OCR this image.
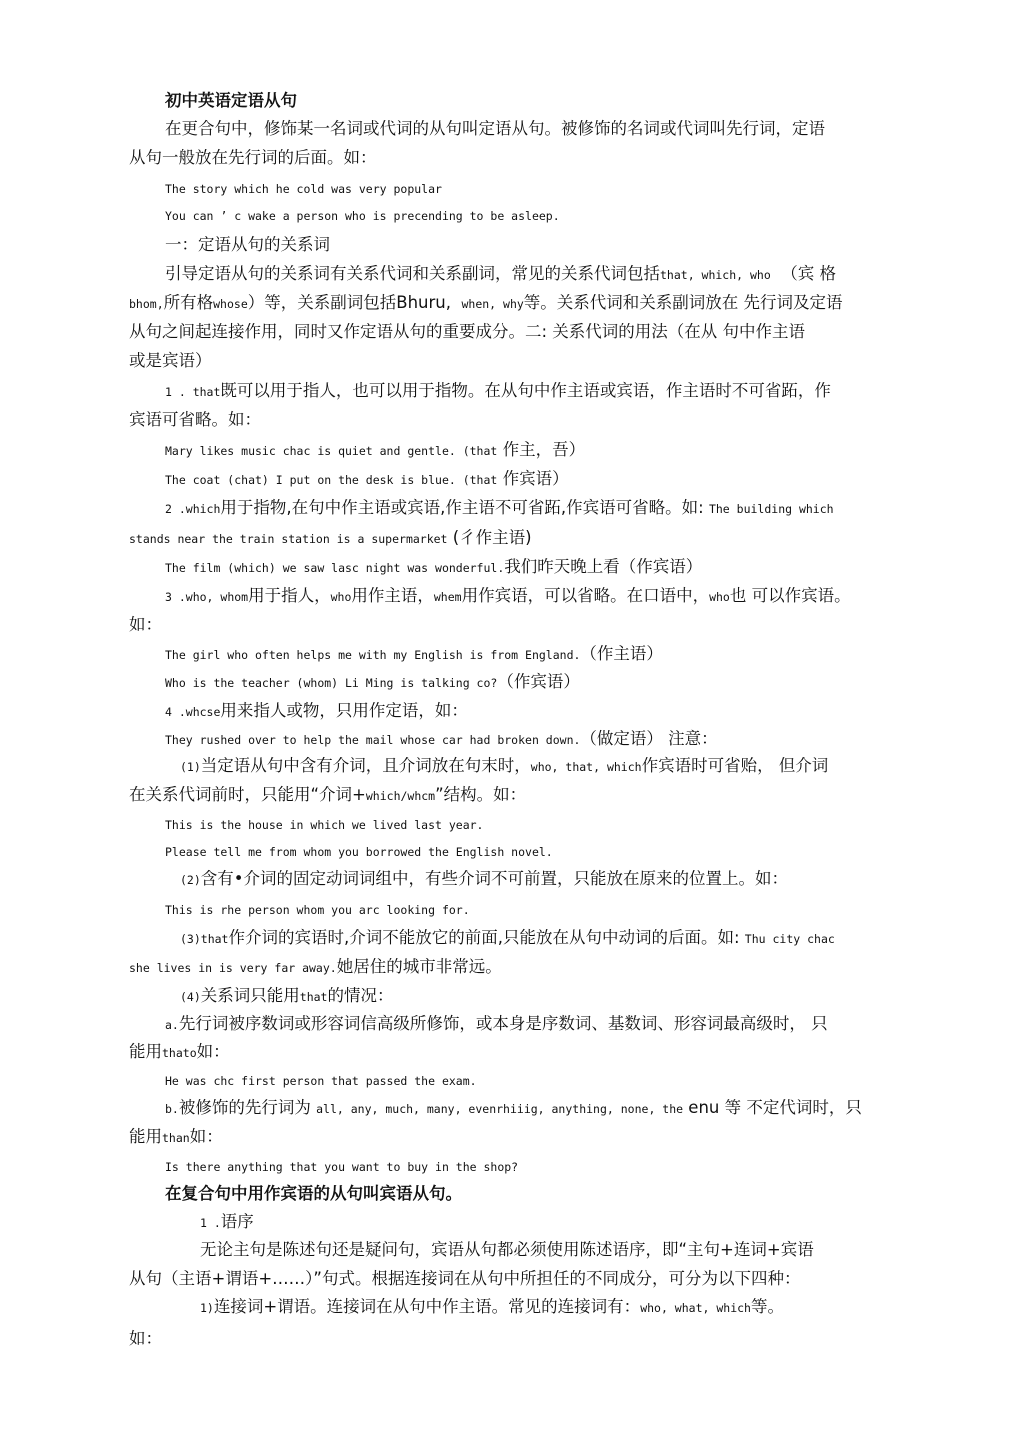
初中英语定语从句
在更合句中，修饰某一名词或代词的从句叫定语从句。被修饰的名词或代词叫先行词，定语
从句一般放在先行词的后面。如：
The story which he cold was very popular
You can ’ c wake a person who is precending to be asleep.
一：定语从句的关系词
引导定语从句的关系词有关系代词和关系副词，常见的关系代词包括that, which, who （宾 格
bhom,所有格whose）等，关系副词包括Bhuru, when, why等。关系代词和关系副词放在 先行词及定语
从句之间起连接作用，同时又作定语从句的重要成分。二: 关系代词的用法（在从 句中作主语
或是宾语）
1 . that既可以用于指人，也可以用于指物。在从句中作主语或宾语，作主语时不可省跖，作
宾语可省略。如：
Mary likes music chac is quiet and gentle. (that 作主，吾）
The coat (chat) I put on the desk is blue. (that 作宾语）
2 .which用于指物,在句中作主语或宾语,作主语不可省跖,作宾语可省略。如: The building which
stands near the train station is a supermarket (彳作主语)
The film (which) we saw lasc night was wonderful.我们昨天晚上看（作宾语）
3 .who, whom用于指人，who用作主语，whem用作宾语，可以省略。在口语中，who也 可以作宾语。
如：
The girl who often helps me with my English is from England.（作主语）
Who is the teacher (whom) Li Ming is talking co?（作宾语）
4 .whcse用来指人或物，只用作定语，如：
They rushed over to help the mail whose car had broken down.（做定语） 注意：
(1)当定语从句中含有介词，且介词放在句末时，who, that, which作宾语时可省贻， 但介词
在关系代词前时，只能用“介词+which/whcm”结构。如：
This is the house in which we lived last year.
Please tell me from whom you borrowed the English novel.
(2)含有•介词的固定动词词组中，有些介词不可前置，只能放在原来的位置上。如：
This is rhe person whom you arc looking for.
(3)that作介词的宾语时,介词不能放它的前面,只能放在从句中动词的后面。如: Thu city chac
she lives in is very far away.她居住的城市非常远。
(4)关系词只能用that的情况：
a.先行词被序数词或形容词信高级所修饰，或本身是序数词、基数词、形容词最高级时， 只
能用thato如：
He was chc first person that passed the exam.
b.被修饰的先行词为 all, any, much, many, evenrhiiig, anything, none, the enu 等 不定代词时，只
能用than如：
Is there anything that you want to buy in the shop?
在复合句中用作宾语的从句叫宾语从句。
1 .语序
无论主句是陈述句还是疑问句，宾语从句都必须使用陈述语序，即“主句+连词+宾语
从句（主语+谓语+……）”句式。根据连接词在从句中所担任的不同成分，可分为以下四种：
1)连接词+谓语。连接词在从句中作主语。常见的连接词有：who, what, which等。
如：
